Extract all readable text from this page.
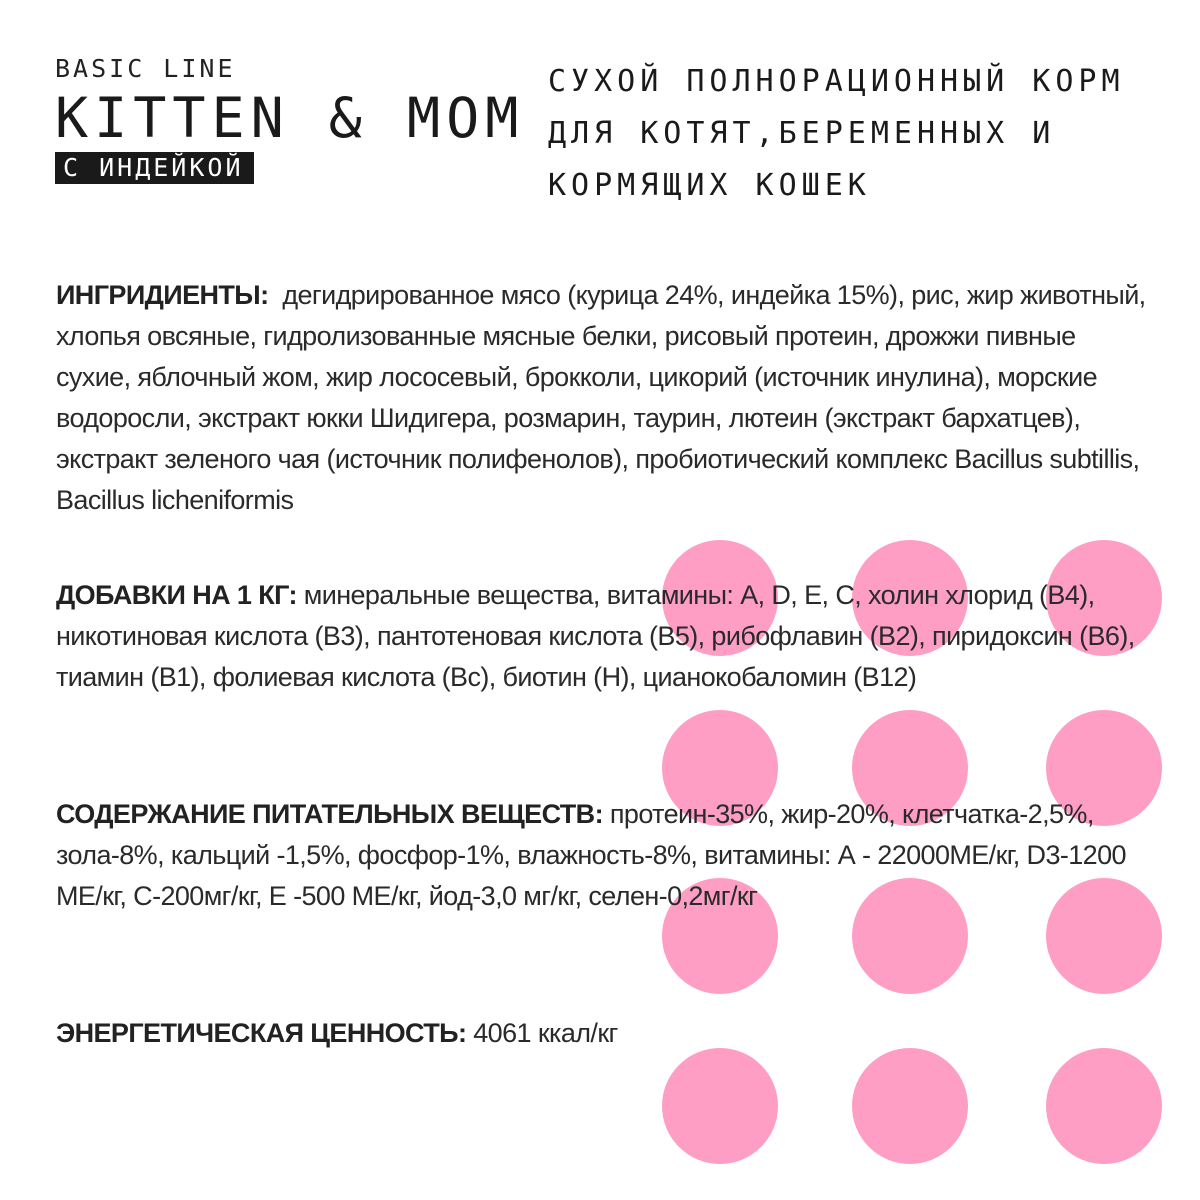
BASIC LINE
KITTEN & MOM
С ИНДЕЙКОЙ
СУХОЙ ПОЛНОРАЦИОННЫЙ КОРМ
ДЛЯ КОТЯТ,БЕРЕМЕННЫХ И
КОРМЯЩИХ КОШЕК
ИНГРИДИЕНТЫ: дегидрированное мясо (курица 24%, индейка 15%), рис, жир животный, хлопья овсяные, гидролизованные мясные белки, рисовый протеин, дрожжи пивные сухие, яблочный жом, жир лососевый, брокколи, цикорий (источник инулина), морские водоросли, экстракт юкки Шидигера, розмарин, таурин, лютеин (экстракт бархатцев), экстракт зеленого чая (источник полифенолов), пробиотический комплекс Bacillus subtillis, Bacillus licheniformis
ДОБАВКИ НА 1 КГ: минеральные вещества, витамины: A, D, E, C, холин хлорид (B4), никотиновая кислота (B3), пантотеновая кислота (B5), рибофлавин (B2), пиридоксин (B6), тиамин (B1), фолиевая кислота (Bc), биотин (H), цианокобаломин (B12)
СОДЕРЖАНИЕ ПИТАТЕЛЬНЫХ ВЕЩЕСТВ: протеин-35%, жир-20%, клетчатка-2,5%, зола-8%, кальций -1,5%, фосфор-1%, влажность-8%, витамины: А - 22000МЕ/кг, D3-1200 МЕ/кг, С-200мг/кг, Е -500 МЕ/кг, йод-3,0 мг/кг, селен-0,2мг/кг
ЭНЕРГЕТИЧЕСКАЯ ЦЕННОСТЬ: 4061 ккал/кг
